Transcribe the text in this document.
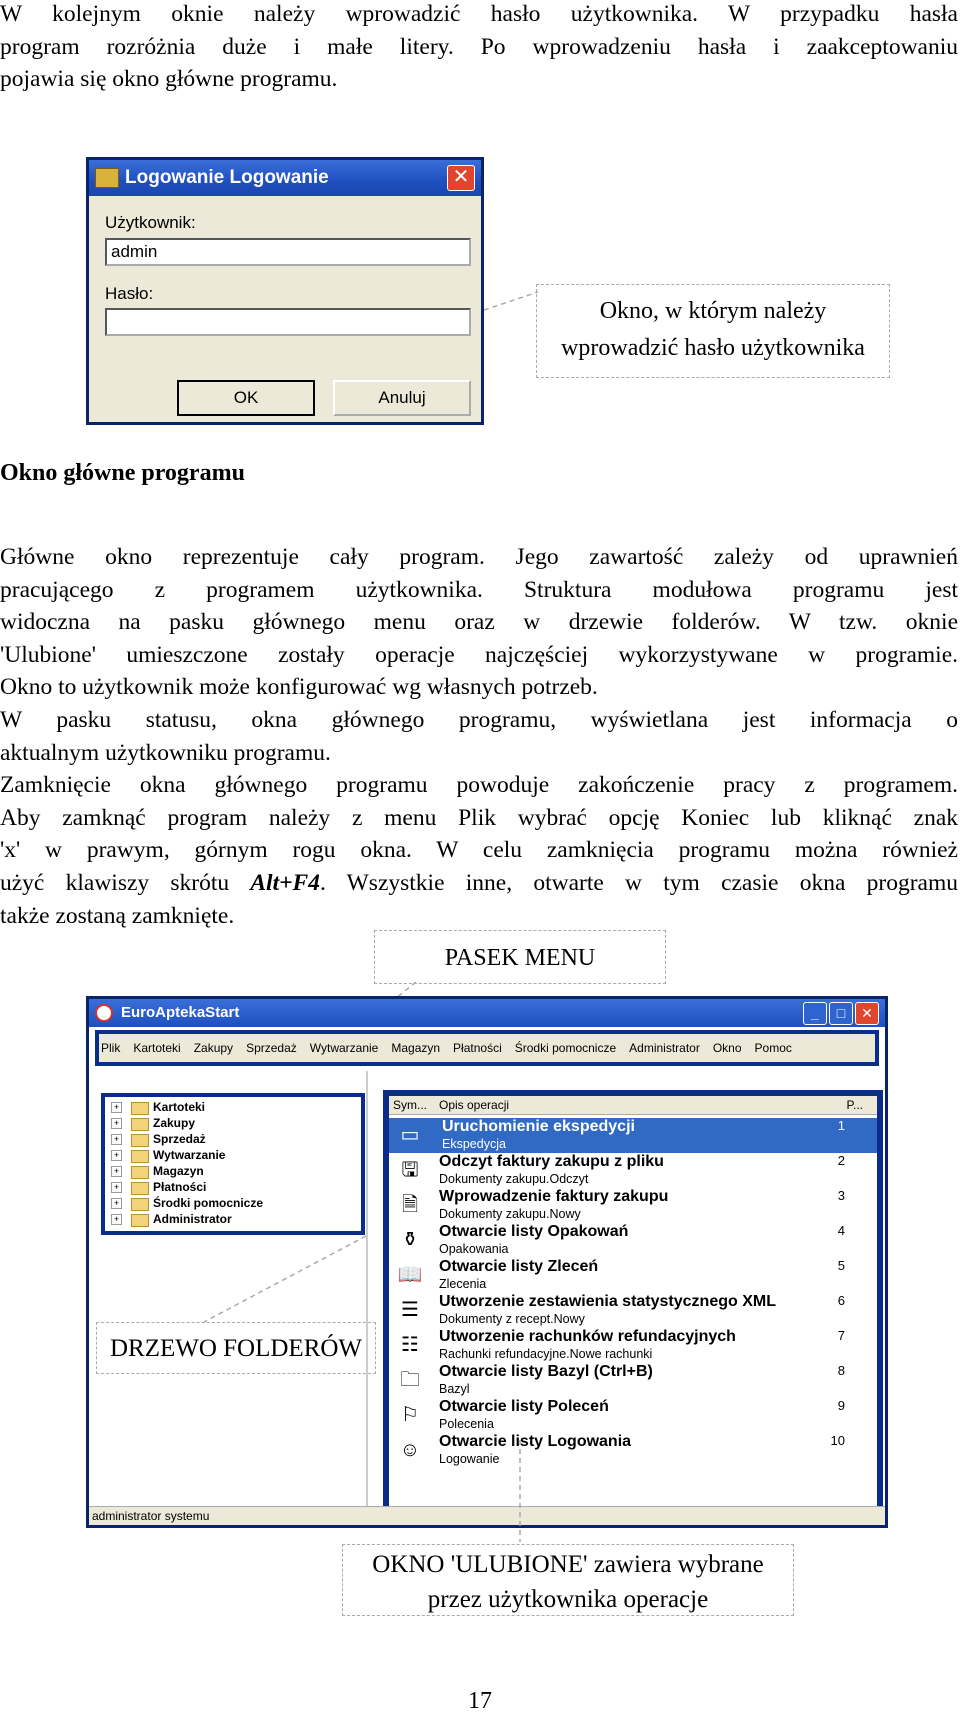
W kolejnym oknie należy wprowadzić hasło użytkownika. W przypadku hasła
program rozróżnia duże i małe litery. Po wprowadzeniu hasła i zaakceptowaniu
pojawia się okno główne programu.
Logowanie Logowanie	✕
Użytkownik:
admin
Hasło:
OK	Anuluj
Okno, w którym należy
wprowadzić hasło użytkownika
Okno główne programu
Główne okno reprezentuje cały program. Jego zawartość zależy od uprawnień
pracującego z programem użytkownika. Struktura modułowa programu jest
widoczna na pasku głównego menu oraz w drzewie folderów. W tzw. oknie
'Ulubione' umieszczone zostały operacje najczęściej wykorzystywane w programie.
Okno to użytkownik może konfigurować wg własnych potrzeb.
W pasku statusu, okna głównego programu, wyświetlana jest informacja o
aktualnym użytkowniku programu.
Zamknięcie okna głównego programu powoduje zakończenie pracy z programem.
Aby zamknąć program należy z menu Plik wybrać opcję Koniec lub kliknąć znak
'x' w prawym, górnym rogu okna. W celu zamknięcia programu można również
użyć klawiszy skrótu Alt+F4. Wszystkie inne, otwarte w tym czasie okna programu
także zostaną zamknięte.
PASEK MENU
EuroAptekaStart	_	□	✕
Plik Kartoteki Zakupy Sprzedaż Wytwarzanie Magazyn Płatności Środki pomocnicze Administrator Okno Pomoc
+ Kartoteki
+ Zakupy
+ Sprzedaż
+ Wytwarzanie
+ Magazyn
+ Płatności
+ Środki pomocnicze
+ Administrator
Sym... Opis operacji	P...
▭ Uruchomienie ekspedycji
Ekspedycja
1
🖫 Odczyt faktury zakupu z pliku
Dokumenty zakupu.Odczyt
2
🗎	Wprowadzenie faktury zakupu
Dokumenty zakupu.Nowy
3
⚱ Otwarcie listy Opakowań
Opakowania
4
📖 Otwarcie listy Zleceń
Zlecenia
5
☰ Utworzenie zestawienia statystycznego XML
Dokumenty z recept.Nowy
6
☷ Utworzenie rachunków refundacyjnych
Rachunki refundacyjne.Nowe rachunki
7
🗀 Otwarcie listy Bazyl (Ctrl+B)
Bazyl
8
⚐ Otwarcie listy Poleceń
Polecenia
9
☺ Otwarcie listy Logowania
Logowanie
10
administrator systemu
DRZEWO FOLDERÓW
OKNO 'ULUBIONE' zawiera wybrane
przez użytkownika operacje
17
